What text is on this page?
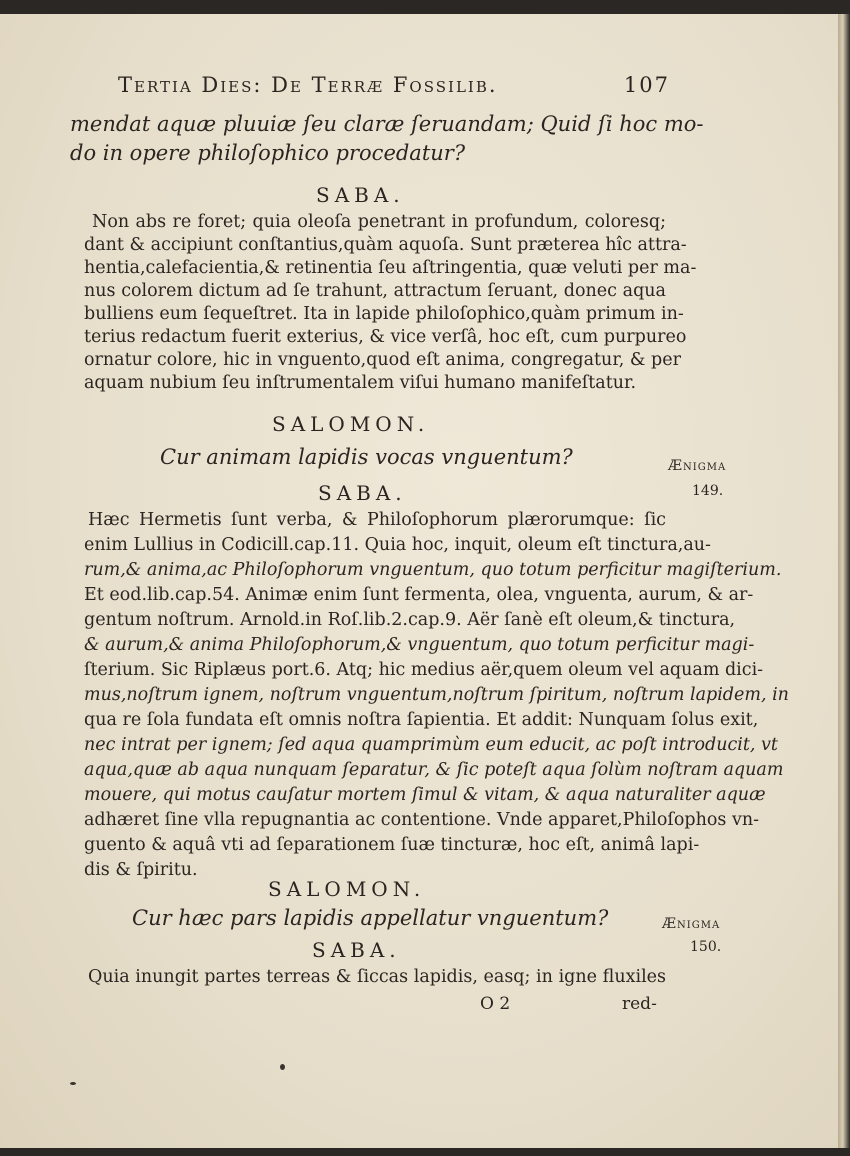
Tertia Dies: De Terræ Fossilib.	107
mendat aquæ pluuiæ ſeu claræ ſeruandam; Quid ſi hoc mo-
do in opere philoſophico procedatur?
SABA.
Non abs re foret; quia oleoſa penetrant in profundum, coloresq;
dant & accipiunt conſtantius,quàm aquoſa. Sunt præterea hîc attra-
hentia,calefacientia,& retinentia ſeu aſtringentia, quæ veluti per ma-
nus colorem dictum ad ſe trahunt, attractum ſeruant, donec aqua
bulliens eum ſequeſtret. Ita in lapide philoſophico,quàm primum in-
terius redactum fuerit exterius, & vice verſâ, hoc eſt, cum purpureo
ornatur colore, hic in vnguento,quod eſt anima, congregatur, & per
aquam nubium ſeu inſtrumentalem viſui humano manifeſtatur.
SALOMON.
Cur animam lapidis vocas vnguentum?	Ænigma
149.
SABA.
Hæc Hermetis ſunt verba, & Philoſophorum plærorumque: ſic
enim Lullius in Codicill.cap.11. Quia hoc, inquit, oleum eſt tinctura,au-
rum,& anima,ac Philoſophorum vnguentum, quo totum perficitur magiſterium.
Et eod.lib.cap.54. Animæ enim ſunt fermenta, olea, vnguenta, aurum, & ar-
gentum noſtrum. Arnold.in Roſ.lib.2.cap.9. Aër ſanè eſt oleum,& tinctura,
& aurum,& anima Philoſophorum,& vnguentum, quo totum perficitur magi-
ſterium. Sic Riplæus port.6. Atq; hic medius aër,quem oleum vel aquam dici-
mus,noſtrum ignem, noſtrum vnguentum,noſtrum ſpiritum, noſtrum lapidem, in
qua re ſola fundata eſt omnis noſtra ſapientia. Et addit: Nunquam ſolus exit,
nec intrat per ignem; ſed aqua quamprimùm eum educit, ac poſt introducit, vt
aqua,quæ ab aqua nunquam ſeparatur, & ſic poteſt aqua ſolùm noſtram aquam
mouere, qui motus cauſatur mortem ſimul & vitam, & aqua naturaliter aquæ
adhæret ſine vlla repugnantia ac contentione. Vnde apparet,Philoſophos vn-
guento & aquâ vti ad ſeparationem ſuæ tincturæ, hoc eſt, animâ lapi-
dis & ſpiritu.
SALOMON.
Cur hæc pars lapidis appellatur vnguentum?	Ænigma
150.
SABA.
Quia inungit partes terreas & ſiccas lapidis, easq; in igne fluxiles
O 2	red-
